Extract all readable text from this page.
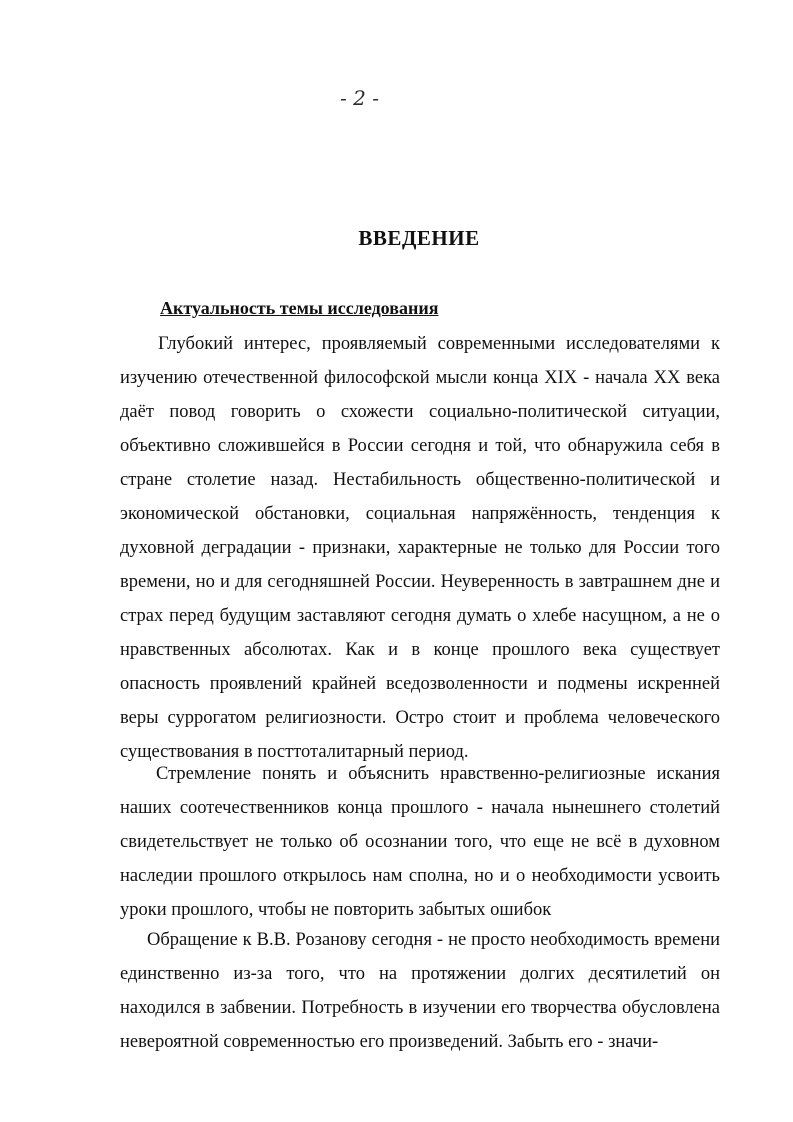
- 2 -
ВВЕДЕНИЕ
Актуальность темы исследования

Глубокий интерес, проявляемый современными исследователями к изучению отечественной философской мысли конца XIX - начала XX века даёт повод говорить о схожести социально-политической ситуации, объективно сложившейся в России сегодня и той, что обнаружила себя в стране столетие назад. Нестабильность общественно-политической и экономической обстановки, социальная напряжённость, тенденция к духовной деградации - признаки, характерные не только для России того времени, но и для сегодняшней России. Неуверенность в завтрашнем дне и страх перед будущим заставляют сегодня думать о хлебе насущном, а не о нравственных абсолютах. Как и в конце прошлого века существует опасность проявлений крайней вседозволенности и подмены искренней веры суррогатом религиозности. Остро стоит и проблема человеческого существования в посттоталитарный период.

Стремление понять и объяснить нравственно-религиозные искания наших соотечественников конца прошлого - начала нынешнего столетий свидетельствует не только об осознании того, что еще не всё в духовном наследии прошлого открылось нам сполна, но и о необходимости усвоить уроки прошлого, чтобы не повторить забытых ошибок

Обращение к В.В. Розанову сегодня - не просто необходимость времени единственно из-за того, что на протяжении долгих десятилетий он находился в забвении. Потребность в изучении его творчества обусловлена невероятной современностью его произведений. Забыть его - значи-
